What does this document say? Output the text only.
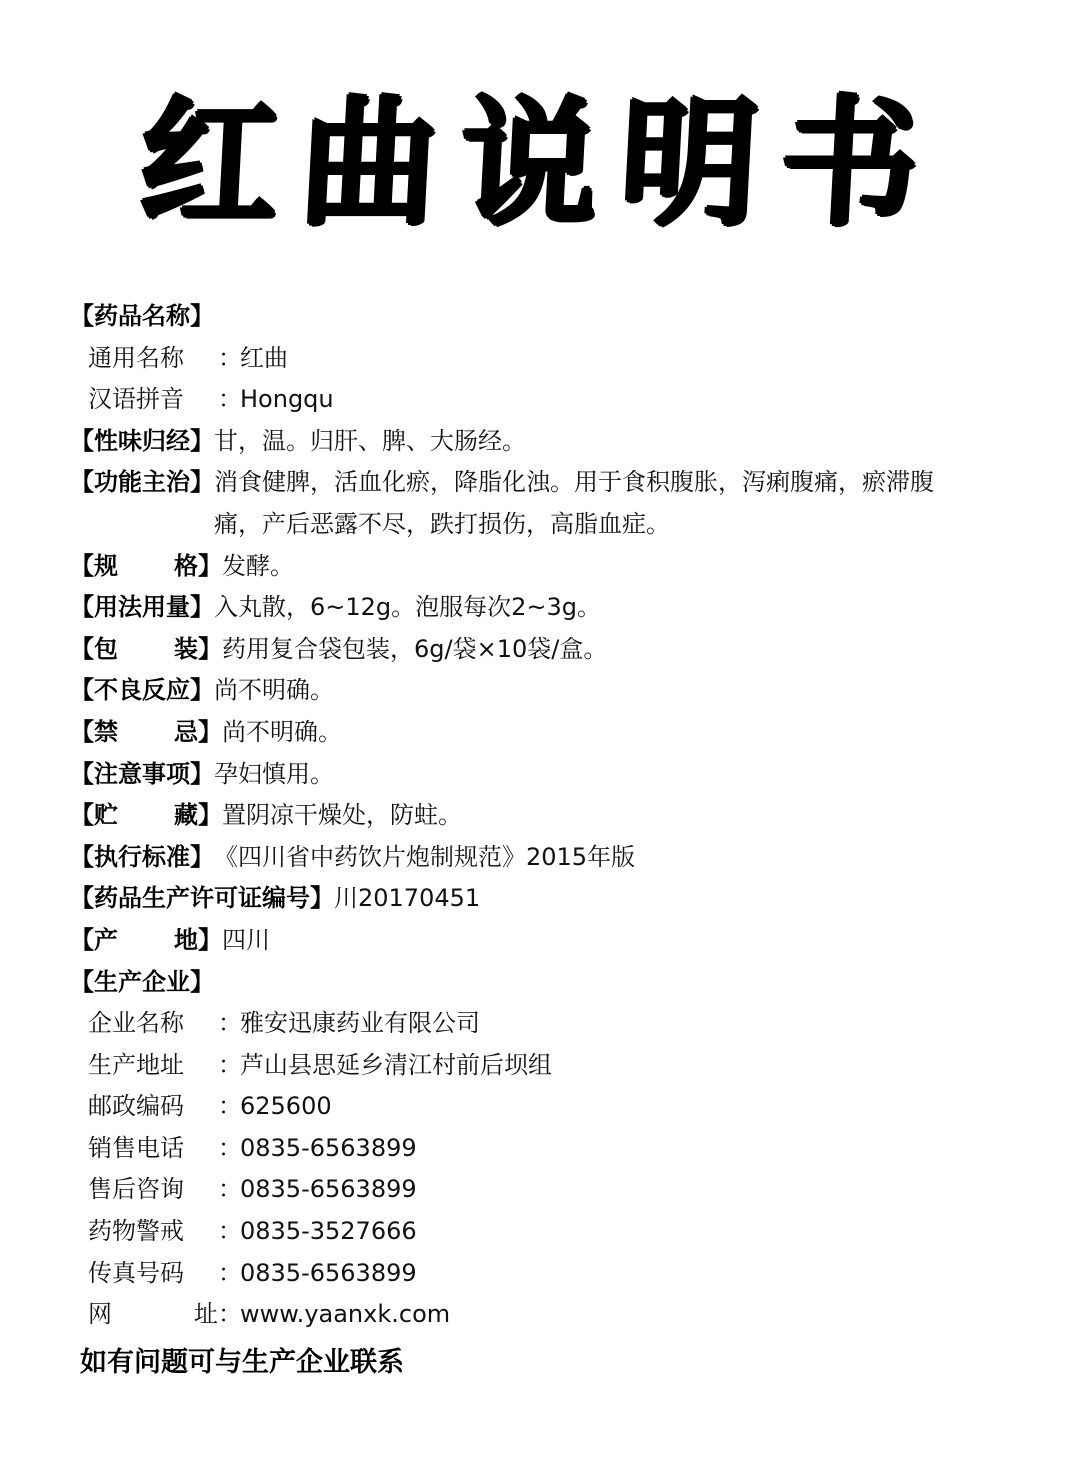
红曲说明书
【药品名称】
通用名称	：
红曲
汉语拼音	：
Hongqu
【性味归经】 甘，温。归肝、脾、大肠经。
【功能主治】 消食健脾，活血化瘀，降脂化浊。用于食积腹胀，泻痢腹痛，瘀滞腹
痛，产后恶露不尽，跌打损伤，高脂血症。
【规 格】 发酵。
【用法用量】 入丸散，6~12g。泡服每次2~3g。
【包 装】 药用复合袋包装，6g/袋×10袋/盒。
【不良反应】 尚不明确。
【禁 忌】 尚不明确。
【注意事项】 孕妇慎用。
【贮 藏】 置阴凉干燥处，防蛀。
【执行标准】 《四川省中药饮片炮制规范》2015年版
【药品生产许可证编号】 川20170451
【产 地】 四川
【生产企业】
企业名称	：
雅安迅康药业有限公司
生产地址	：
芦山县思延乡清江村前后坝组
邮政编码	：
625600
销售电话	：
0835-6563899
售后咨询	：
0835-6563899
药物警戒	：
0835-3527666
传真号码	：
0835-6563899
网	址 ：
www.yaanxk.com
如有问题可与生产企业联系
